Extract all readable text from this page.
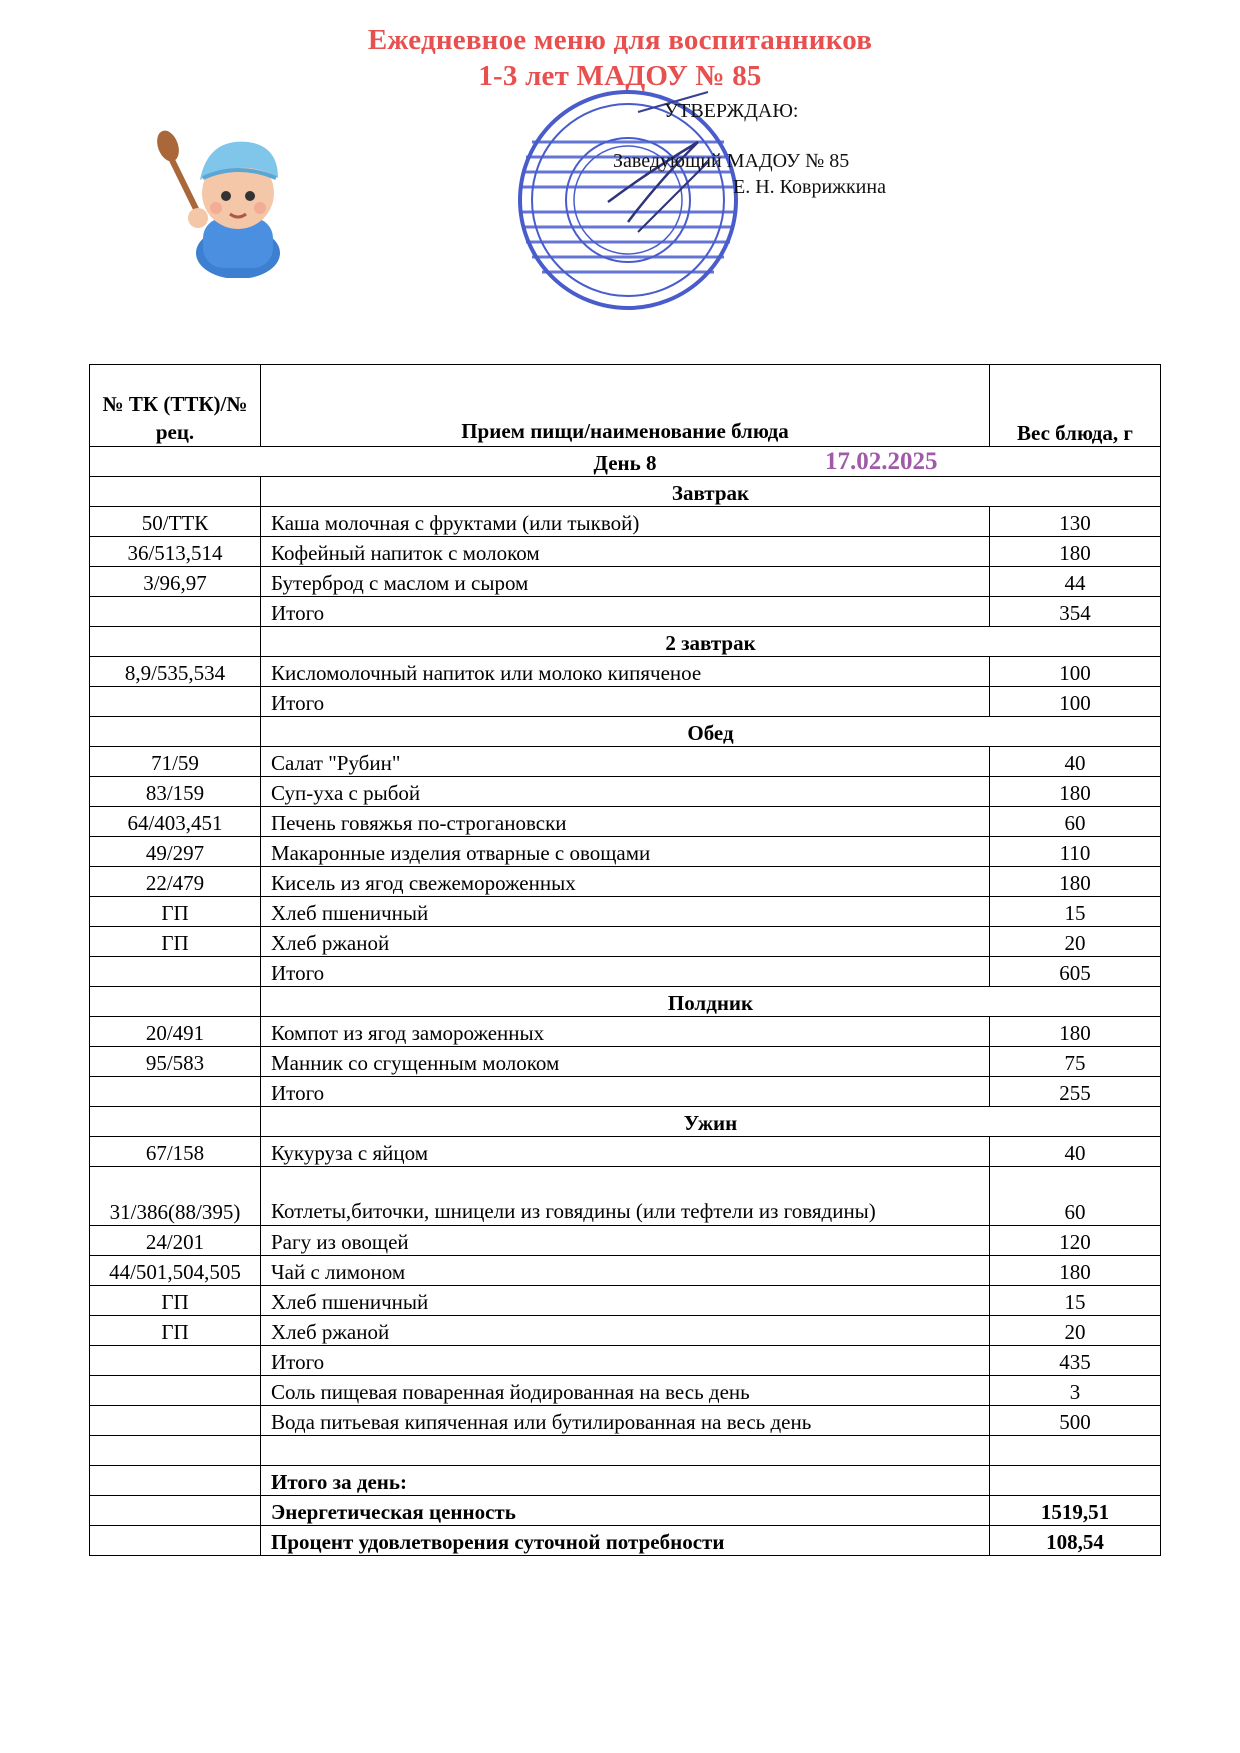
Ежедневное меню для воспитанников
1-3 лет МАДОУ № 85
УТВЕРЖДАЮ:
Заведующий МАДОУ № 85
Е. Н. Коврижкина
№ ТК (ТТК)/№ рец.	Прием пищи/наименование блюда	Вес блюда, г
День 8 17.02.2025		

	Завтрак	
50/ТТК	Каша молочная с фруктами (или тыквой)	130
36/513,514	Кофейный напиток с молоком	180
3/96,97	Бутерброд с маслом и сыром	44
	Итого	354
	2 завтрак	
8,9/535,534	Кисломолочный напиток или молоко кипяченое	100
	Итого	100
	Обед	
71/59	Салат "Рубин"	40
83/159	Суп-уха с рыбой	180
64/403,451	Печень говяжья по-строгановски	60
49/297	Макаронные изделия отварные с овощами	110
22/479	Кисель из ягод свежемороженных	180
ГП	Хлеб пшеничный	15
ГП	Хлеб ржаной	20
	Итого	605
	Полдник	
20/491	Компот из ягод замороженных	180
95/583	Манник со сгущенным молоком	75
	Итого	255
	Ужин	
67/158	Кукуруза с яйцом	40
31/386(88/395)	Котлеты,биточки, шницели из говядины (или тефтели из говядины)	60
24/201	Рагу из овощей	120
44/501,504,505	Чай с лимоном	180
ГП	Хлеб пшеничный	15
ГП	Хлеб ржаной	20
	Итого	435
	Соль пищевая поваренная йодированная на весь день	3
	Вода питьевая кипяченная или бутилированная на весь день	500

	Итого за день:	
	Энергетическая ценность	1519,51
	Процент удовлетворения суточной потребности	108,54
